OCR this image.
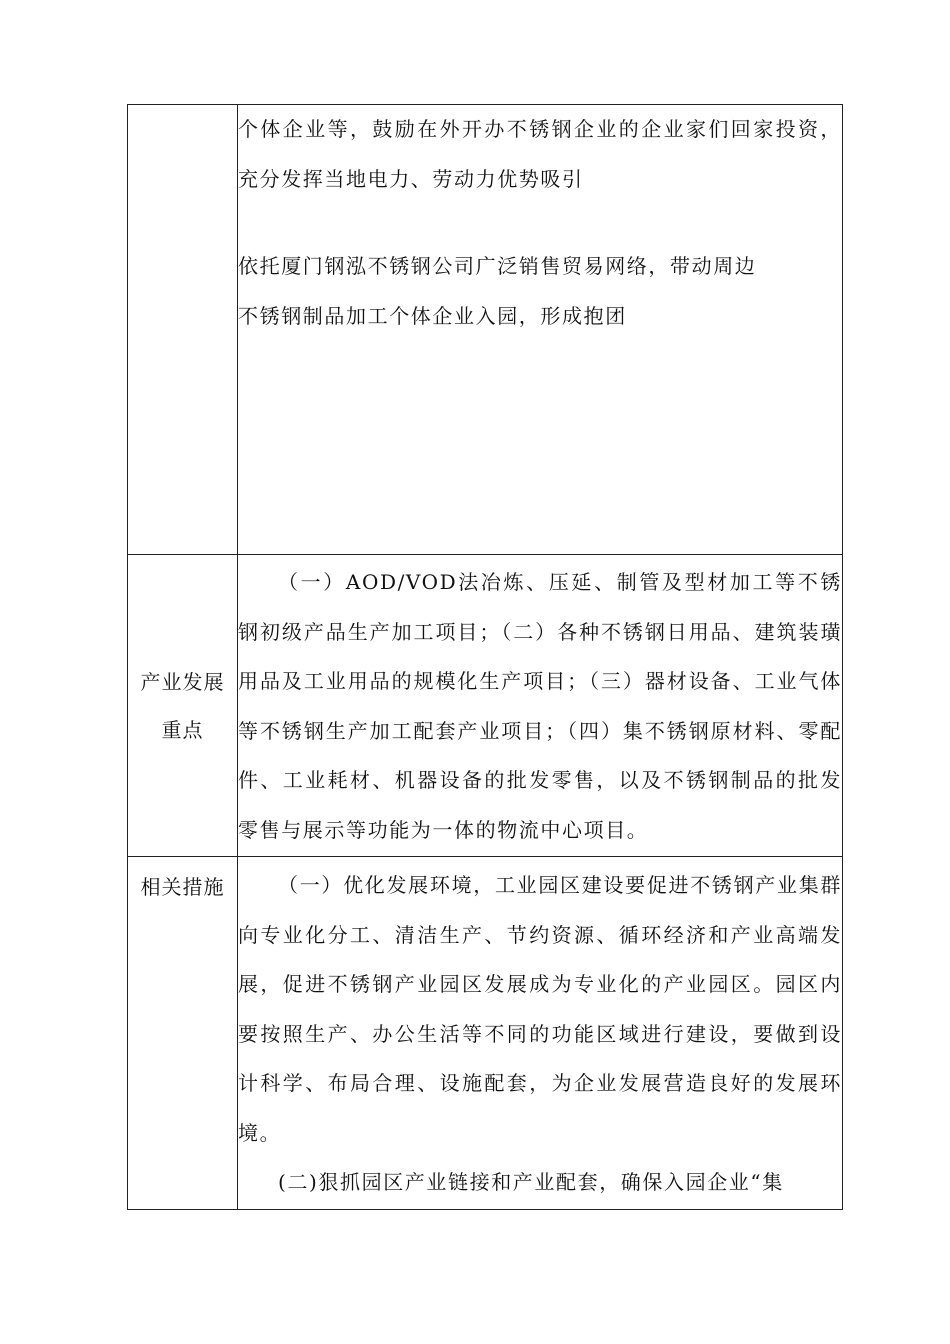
	个体企业等，鼓励在外开办不锈钢企业的企业家们回家投资，充分发挥当地电力、劳动力优势吸引

依托厦门钢泓不锈钢公司广泛销售贸易网络，带动周边

不锈钢制品加工个体企业入园，形成抱团

产业发展重点	（一）AOD/VOD法冶炼、压延、制管及型材加工等不锈钢初级产品生产加工项目；（二）各种不锈钢日用品、建筑装璜用品及工业用品的规模化生产项目；（三）器材设备、工业气体等不锈钢生产加工配套产业项目；（四）集不锈钢原材料、零配件、工业耗材、机器设备的批发零售，以及不锈钢制品的批发零售与展示等功能为一体的物流中心项目。

相关措施	（一）优化发展环境，工业园区建设要促进不锈钢产业集群向专业化分工、清洁生产、节约资源、循环经济和产业高端发展，促进不锈钢产业园区发展成为专业化的产业园区。园区内要按照生产、办公生活等不同的功能区域进行建设，要做到设计科学、布局合理、设施配套，为企业发展营造良好的发展环境。

(二)狠抓园区产业链接和产业配套，确保入园企业“集
